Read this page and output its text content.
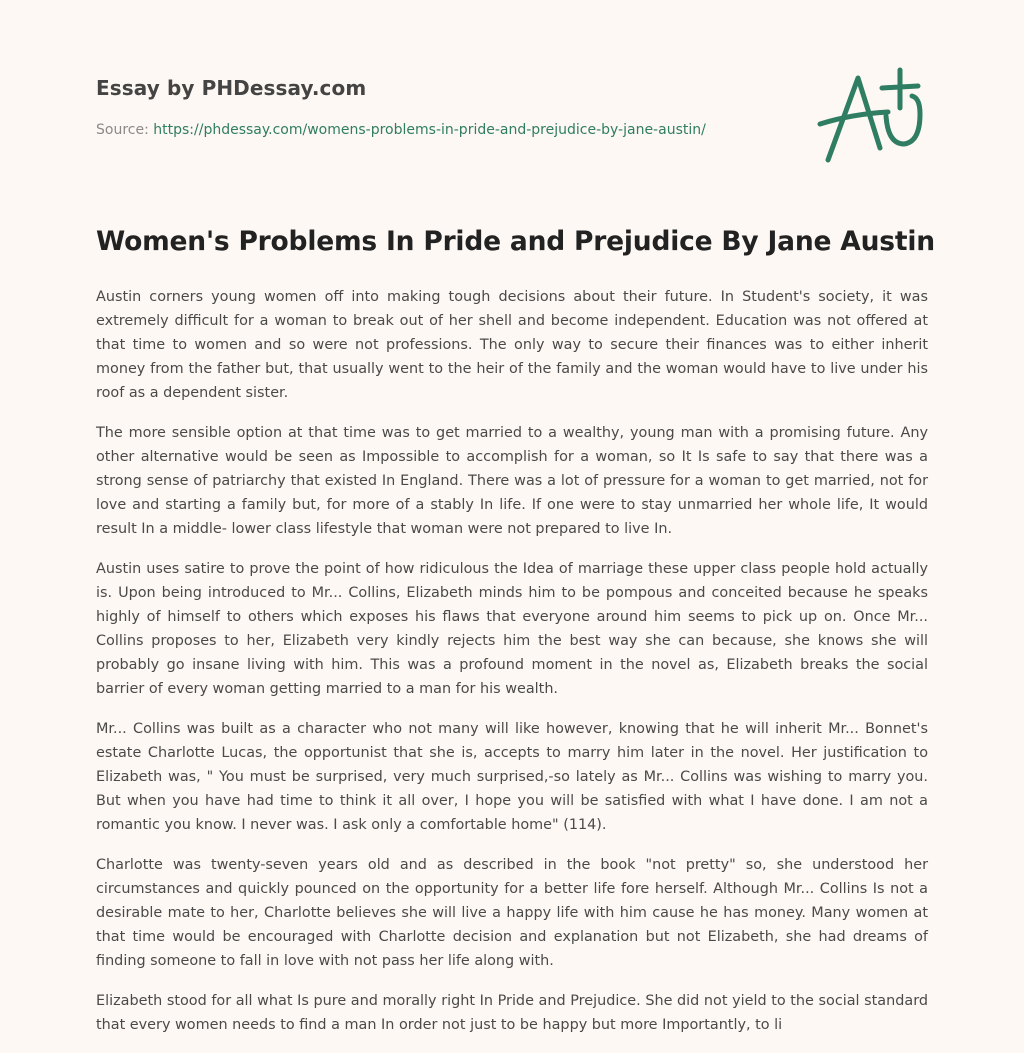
Essay by PHDessay.com
Source: https://phdessay.com/womens-problems-in-pride-and-prejudice-by-jane-austin/
Women's Problems In Pride and Prejudice By Jane Austin

Austin corners young women off into making tough decisions about their future. In Student's society, it was extremely difficult for a woman to break out of her shell and become independent. Education was not offered at that time to women and so were not professions. The only way to secure their finances was to either inherit money from the father but, that usually went to the heir of the family and the woman would have to live under his roof as a dependent sister.

The more sensible option at that time was to get married to a wealthy, young man with a promising future. Any other alternative would be seen as Impossible to accomplish for a woman, so It Is safe to say that there was a strong sense of patriarchy that existed In England. There was a lot of pressure for a woman to get married, not for love and starting a family but, for more of a stably In life. If one were to stay unmarried her whole life, It would result In a middle- lower class lifestyle that woman were not prepared to live In.

Austin uses satire to prove the point of how ridiculous the Idea of marriage these upper class people hold actually is. Upon being introduced to Mr... Collins, Elizabeth minds him to be pompous and conceited because he speaks highly of himself to others which exposes his flaws that everyone around him seems to pick up on. Once Mr... Collins proposes to her, Elizabeth very kindly rejects him the best way she can because, she knows she will probably go insane living with him. This was a profound moment in the novel as, Elizabeth breaks the social barrier of every woman getting married to a man for his wealth.

Mr... Collins was built as a character who not many will like however, knowing that he will inherit Mr... Bonnet's estate Charlotte Lucas, the opportunist that she is, accepts to marry him later in the novel. Her justification to Elizabeth was, " You must be surprised, very much surprised,-so lately as Mr... Collins was wishing to marry you. But when you have had time to think it all over, I hope you will be satisfied with what I have done. I am not a romantic you know. I never was. I ask only a comfortable home" (114).

Charlotte was twenty-seven years old and as described in the book "not pretty" so, she understood her circumstances and quickly pounced on the opportunity for a better life fore herself. Although Mr... Collins Is not a desirable mate to her, Charlotte believes she will live a happy life with him cause he has money. Many women at that time would be encouraged with Charlotte decision and explanation but not Elizabeth, she had dreams of finding someone to fall in love with not pass her life along with.

Elizabeth stood for all what Is pure and morally right In Pride and Prejudice. She did not yield to the social standard that every women needs to find a man In order not just to be happy but more Importantly, to li
